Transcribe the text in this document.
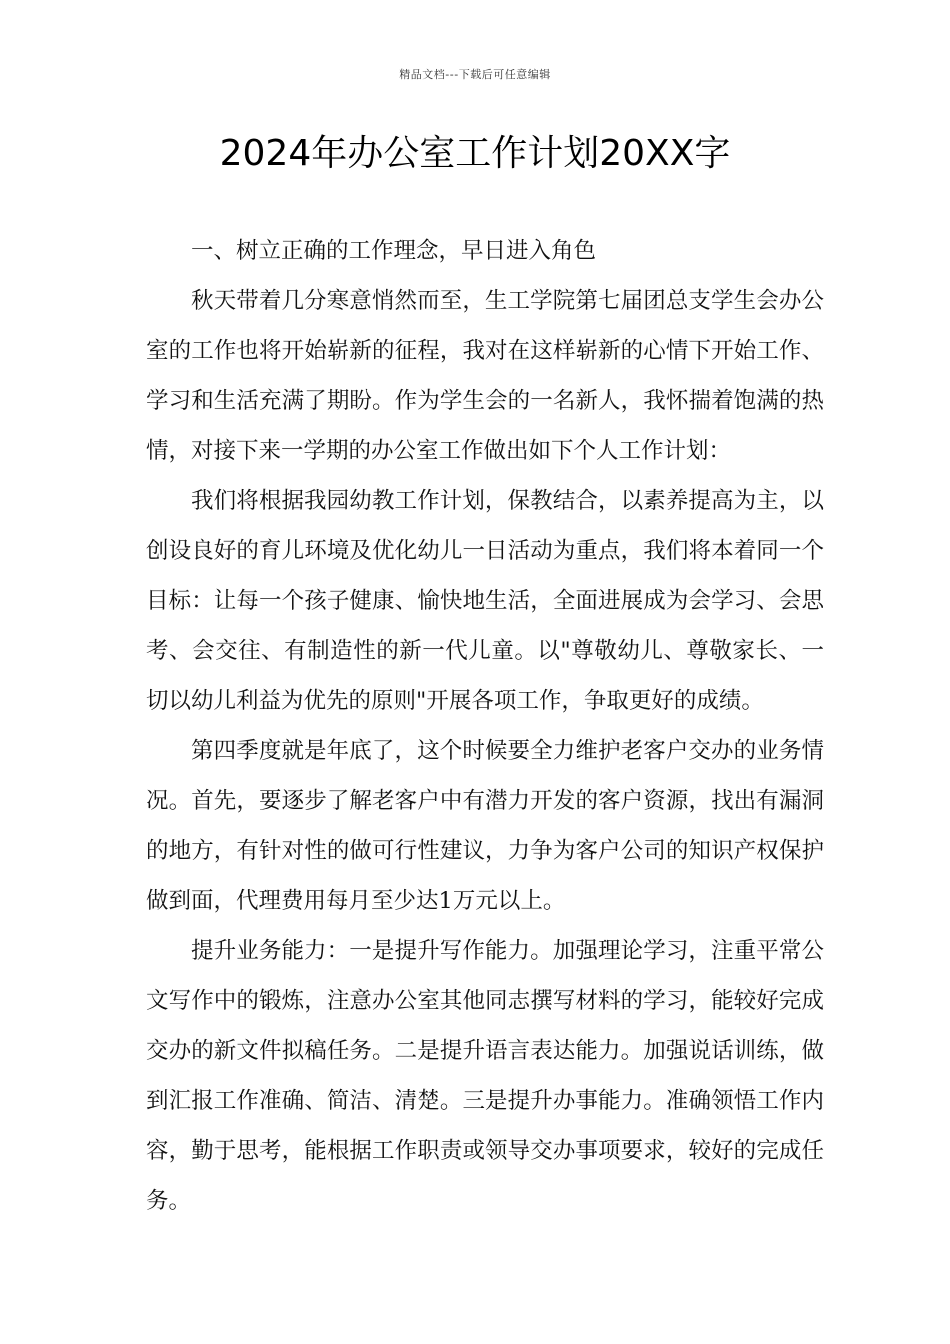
精品文档---下载后可任意编辑
2024年办公室工作计划20XX字

一、树立正确的工作理念，早日进入角色

秋天带着几分寒意悄然而至，生工学院第七届团总支学生会办公室的工作也将开始崭新的征程，我对在这样崭新的心情下开始工作、学习和生活充满了期盼。作为学生会的一名新人，我怀揣着饱满的热情，对接下来一学期的办公室工作做出如下个人工作计划：

我们将根据我园幼教工作计划，保教结合，以素养提高为主，以创设良好的育儿环境及优化幼儿一日活动为重点，我们将本着同一个目标：让每一个孩子健康、愉快地生活，全面进展成为会学习、会思考、会交往、有制造性的新一代儿童。以"尊敬幼儿、尊敬家长、一切以幼儿利益为优先的原则"开展各项工作，争取更好的成绩。

第四季度就是年底了，这个时候要全力维护老客户交办的业务情况。首先，要逐步了解老客户中有潜力开发的客户资源，找出有漏洞的地方，有针对性的做可行性建议，力争为客户公司的知识产权保护做到面，代理费用每月至少达1万元以上。

提升业务能力：一是提升写作能力。加强理论学习，注重平常公文写作中的锻炼，注意办公室其他同志撰写材料的学习，能较好完成交办的新文件拟稿任务。二是提升语言表达能力。加强说话训练，做到汇报工作准确、简洁、清楚。三是提升办事能力。准确领悟工作内容，勤于思考，能根据工作职责或领导交办事项要求，较好的完成任务。
